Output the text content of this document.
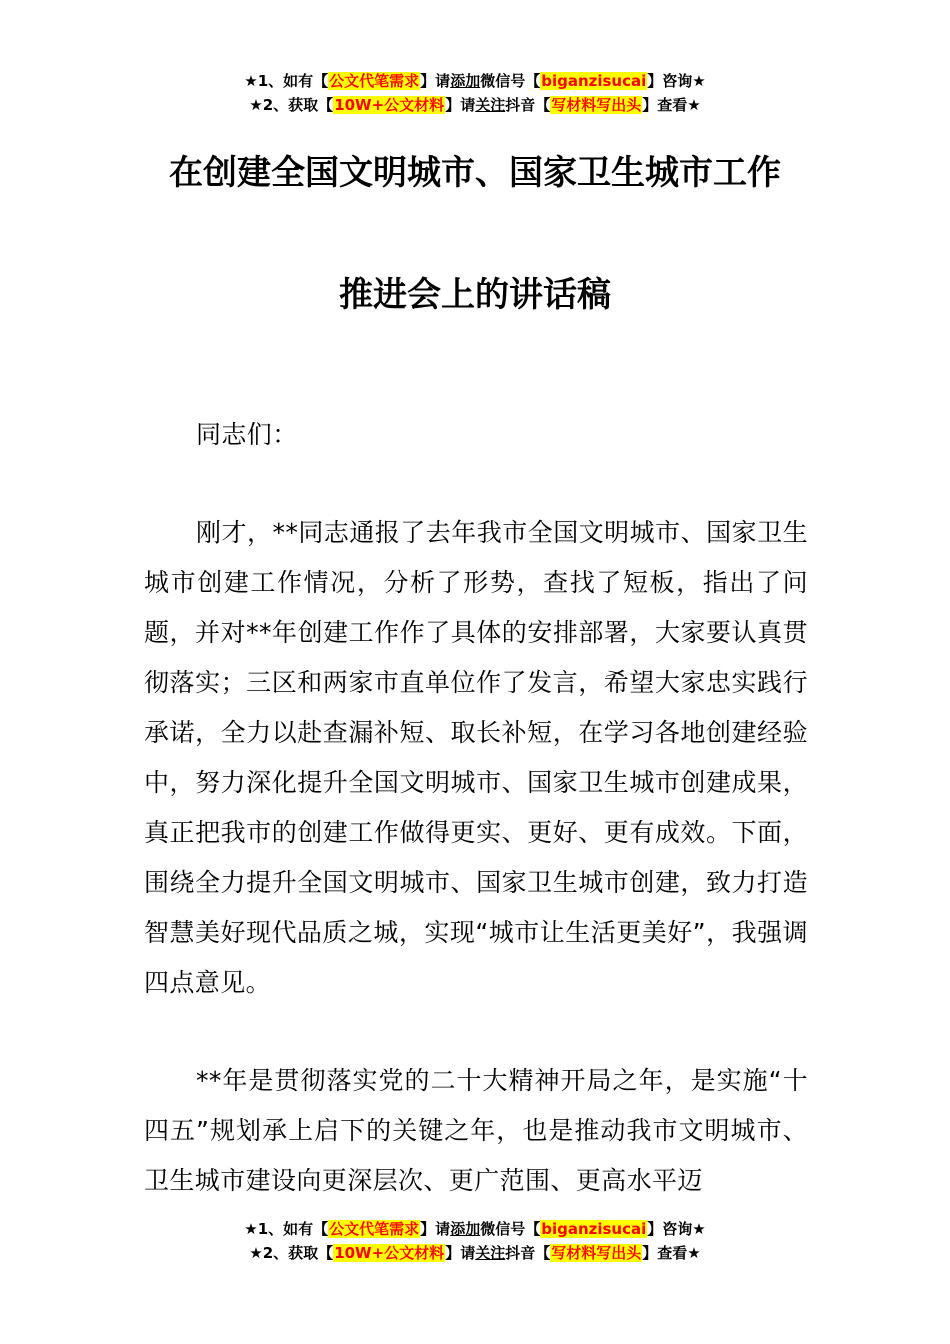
★1、如有【公文代笔需求】请添加微信号【biganzisucai】咨询★
★2、获取【10W+公文材料】请关注抖音【写材料写出头】查看★
在创建全国文明城市、国家卫生城市工作
推进会上的讲话稿
同志们：
刚才，**同志通报了去年我市全国文明城市、国家卫生城市创建工作情况，分析了形势，查找了短板，指出了问题，并对**年创建工作作了具体的安排部署，大家要认真贯彻落实；三区和两家市直单位作了发言，希望大家忠实践行承诺，全力以赴查漏补短、取长补短，在学习各地创建经验中，努力深化提升全国文明城市、国家卫生城市创建成果，真正把我市的创建工作做得更实、更好、更有成效。下面，围绕全力提升全国文明城市、国家卫生城市创建，致力打造智慧美好现代品质之城，实现“城市让生活更美好”，我强调四点意见。
**年是贯彻落实党的二十大精神开局之年，是实施“十四五”规划承上启下的关键之年，也是推动我市文明城市、卫生城市建设向更深层次、更广范围、更高水平迈
★1、如有【公文代笔需求】请添加微信号【biganzisucai】咨询★
★2、获取【10W+公文材料】请关注抖音【写材料写出头】查看★
